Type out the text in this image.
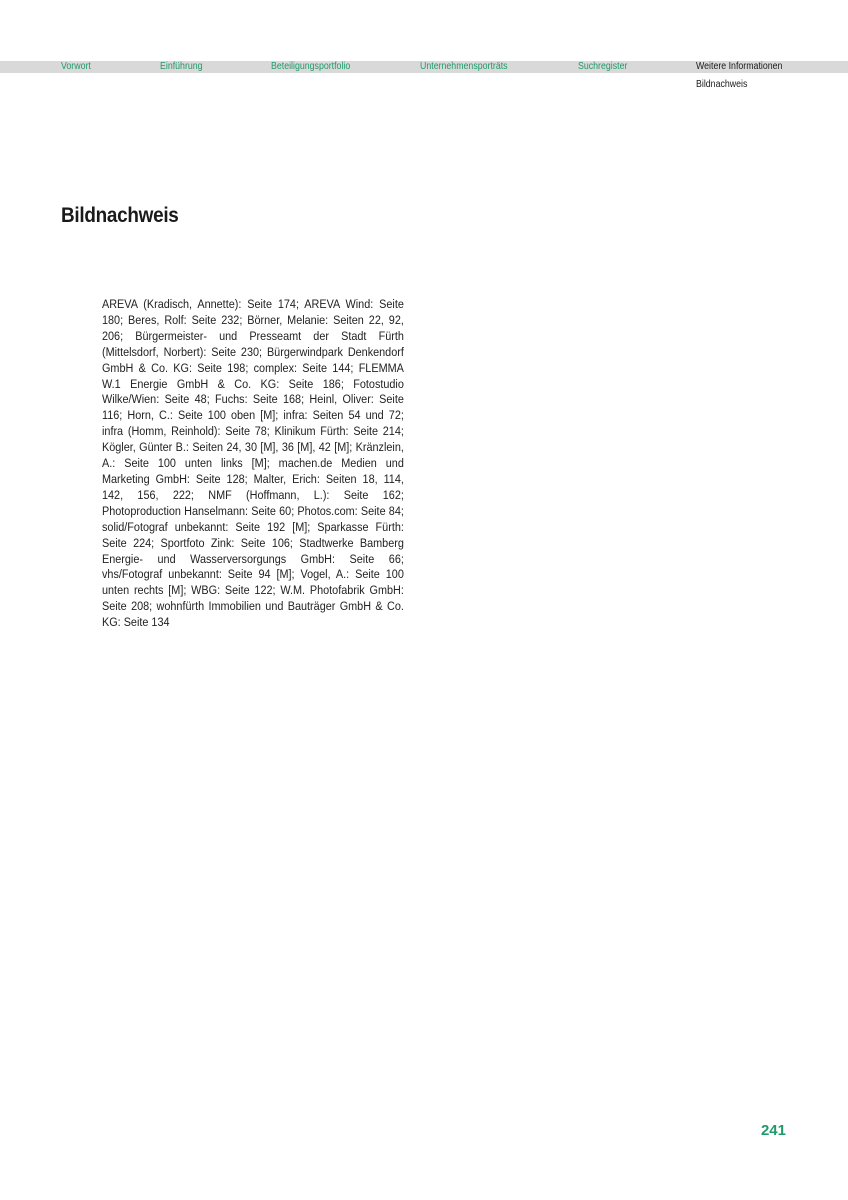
Vorwort	Einführung	Beteiligungsportfolio	Unternehmensporträts	Suchregister	Weitere Informationen
Bildnachweis
Bildnachweis

AREVA (Kradisch, Annette): Seite 174; AREVA Wind: Seite 180; Beres, Rolf: Seite 232; Börner, Melanie: Seiten 22, 92, 206; Bürgermeister- und Presseamt der Stadt Fürth (Mittelsdorf, Norbert): Seite 230; Bürgerwindpark Denkendorf GmbH & Co. KG: Seite 198; complex: Seite 144; FLEMMA W.1 Energie GmbH & Co. KG: Seite 186; Fotostudio Wilke/Wien: Seite 48; Fuchs: Seite 168; Heinl, Oliver: Seite 116; Horn, C.: Seite 100 oben [M]; infra: Seiten 54 und 72; infra (Homm, Reinhold): Seite 78; Klinikum Fürth: Seite 214; Kögler, Günter B.: Seiten 24, 30 [M], 36 [M], 42 [M]; Kränzlein, A.: Seite 100 unten links [M]; machen.de Medien und Marketing GmbH: Seite 128; Malter, Erich: Seiten 18, 114, 142, 156, 222; NMF (Hoffmann, L.): Seite 162; Photoproduction Hanselmann: Seite 60; Photos.com: Seite 84; solid/Fotograf unbekannt: Seite 192 [M]; Sparkasse Fürth: Seite 224; Sportfoto Zink: Seite 106; Stadtwerke Bamberg Energie- und Wasserversorgungs GmbH: Seite 66; vhs/Fotograf unbekannt: Seite 94 [M]; Vogel, A.: Seite 100 unten rechts [M]; WBG: Seite 122; W.M. Photofabrik GmbH: Seite 208; wohnfürth Immobilien und Bauträger GmbH & Co. KG: Seite 134

241
